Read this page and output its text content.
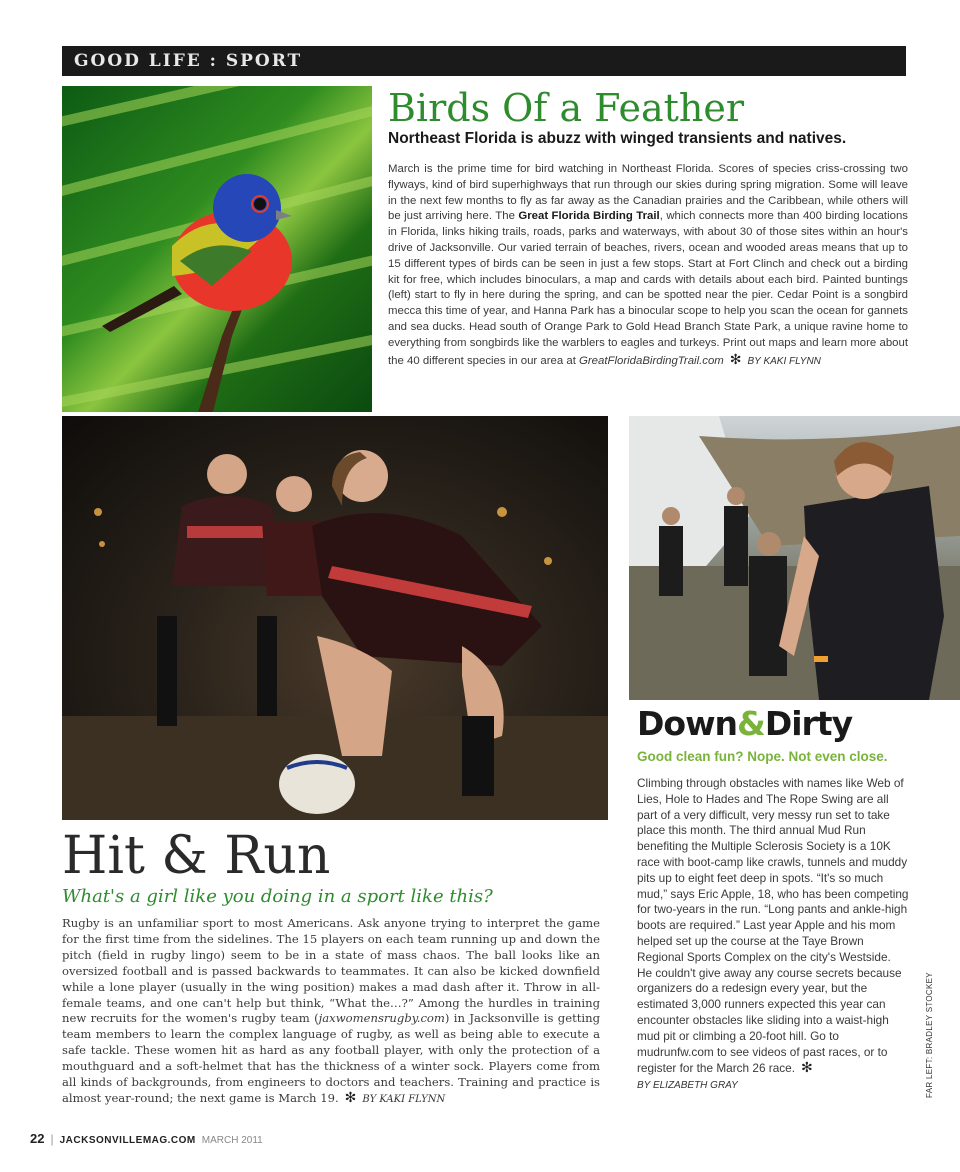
GOOD LIFE : SPORT
Birds Of a Feather
Northeast Florida is abuzz with winged transients and natives.
March is the prime time for bird watching in Northeast Florida. Scores of species criss-crossing two flyways, kind of bird superhighways that run through our skies during spring migration. Some will leave in the next few months to fly as far away as the Canadian prairies and the Caribbean, while others will be just arriving here. The Great Florida Birding Trail, which connects more than 400 birding locations in Florida, links hiking trails, roads, parks and waterways, with about 30 of those sites within an hour's drive of Jacksonville. Our varied terrain of beaches, rivers, ocean and wooded areas means that up to 15 different types of birds can be seen in just a few stops. Start at Fort Clinch and check out a birding kit for free, which includes binoculars, a map and cards with details about each bird. Painted buntings (left) start to fly in here during the spring, and can be spotted near the pier. Cedar Point is a songbird mecca this time of year, and Hanna Park has a binocular scope to help you scan the ocean for gannets and sea ducks. Head south of Orange Park to Gold Head Branch State Park, a unique ravine home to everything from songbirds like the warblers to eagles and turkeys. Print out maps and learn more about the 40 different species in our area at GreatFloridaBirdingTrail.com ✻ BY KAKI FLYNN
Hit & Run
What's a girl like you doing in a sport like this?
Rugby is an unfamiliar sport to most Americans. Ask anyone trying to interpret the game for the first time from the sidelines. The 15 players on each team running up and down the pitch (field in rugby lingo) seem to be in a state of mass chaos. The ball looks like an oversized football and is passed backwards to teammates. It can also be kicked downfield while a lone player (usually in the wing position) makes a mad dash after it. Throw in all-female teams, and one can't help but think, “What the…?” Among the hurdles in training new recruits for the women's rugby team (jaxwomensrugby.com) in Jacksonville is getting team members to learn the complex language of rugby, as well as being able to execute a safe tackle. These women hit as hard as any football player, with only the protection of a mouthguard and a soft-helmet that has the thickness of a winter sock. Players come from all kinds of backgrounds, from engineers to doctors and teachers. Training and practice is almost year-round; the next game is March 19. ✻ BY KAKI FLYNN
Down&Dirty
Good clean fun? Nope. Not even close.
Climbing through obstacles with names like Web of Lies, Hole to Hades and The Rope Swing are all part of a very difficult, very messy run set to take place this month. The third annual Mud Run benefiting the Multiple Sclerosis Society is a 10K race with boot-camp like crawls, tunnels and muddy pits up to eight feet deep in spots. “It's so much mud,” says Eric Apple, 18, who has been competing for two-years in the run. “Long pants and ankle-high boots are required.” Last year Apple and his mom helped set up the course at the Taye Brown Regional Sports Complex on the city's Westside. He couldn't give away any course secrets because organizers do a redesign every year, but the estimated 3,000 runners expected this year can encounter obstacles like sliding into a waist-high mud pit or climbing a 20-foot hill. Go to mudrunfw.com to see videos of past races, or to register for the March 26 race. ✻
BY ELIZABETH GRAY	FAR LEFT: BRADLEY STOCKEY
22 | JACKSONVILLEMAG.COM MARCH 2011
